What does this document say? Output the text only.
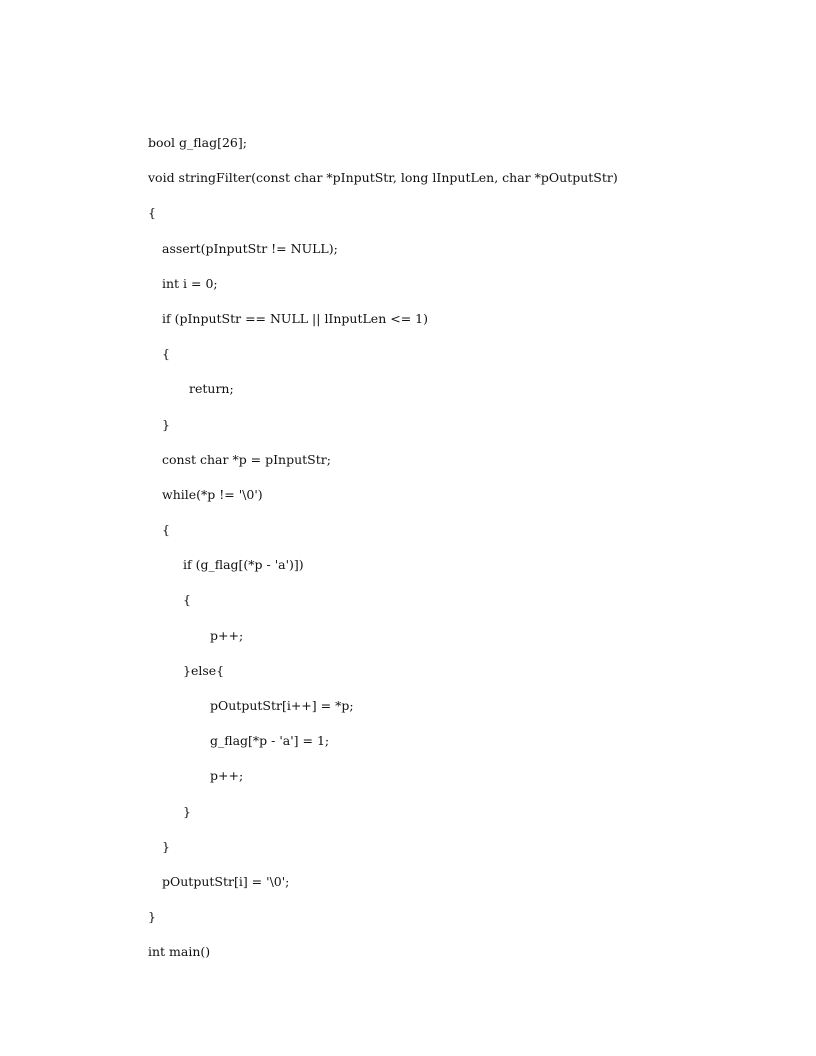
bool g_flag[26];
void stringFilter(const char *pInputStr, long lInputLen, char *pOutputStr)
{
assert(pInputStr != NULL);
int i = 0;
if (pInputStr == NULL || lInputLen <= 1)
{
return;
}
const char *p = pInputStr;
while(*p != '\0')
{
if (g_flag[(*p - 'a')])
{
p++;
}else{
pOutputStr[i++] = *p;
g_flag[*p - 'a'] = 1;
p++;
}
}
pOutputStr[i] = '\0';
}
int main()
